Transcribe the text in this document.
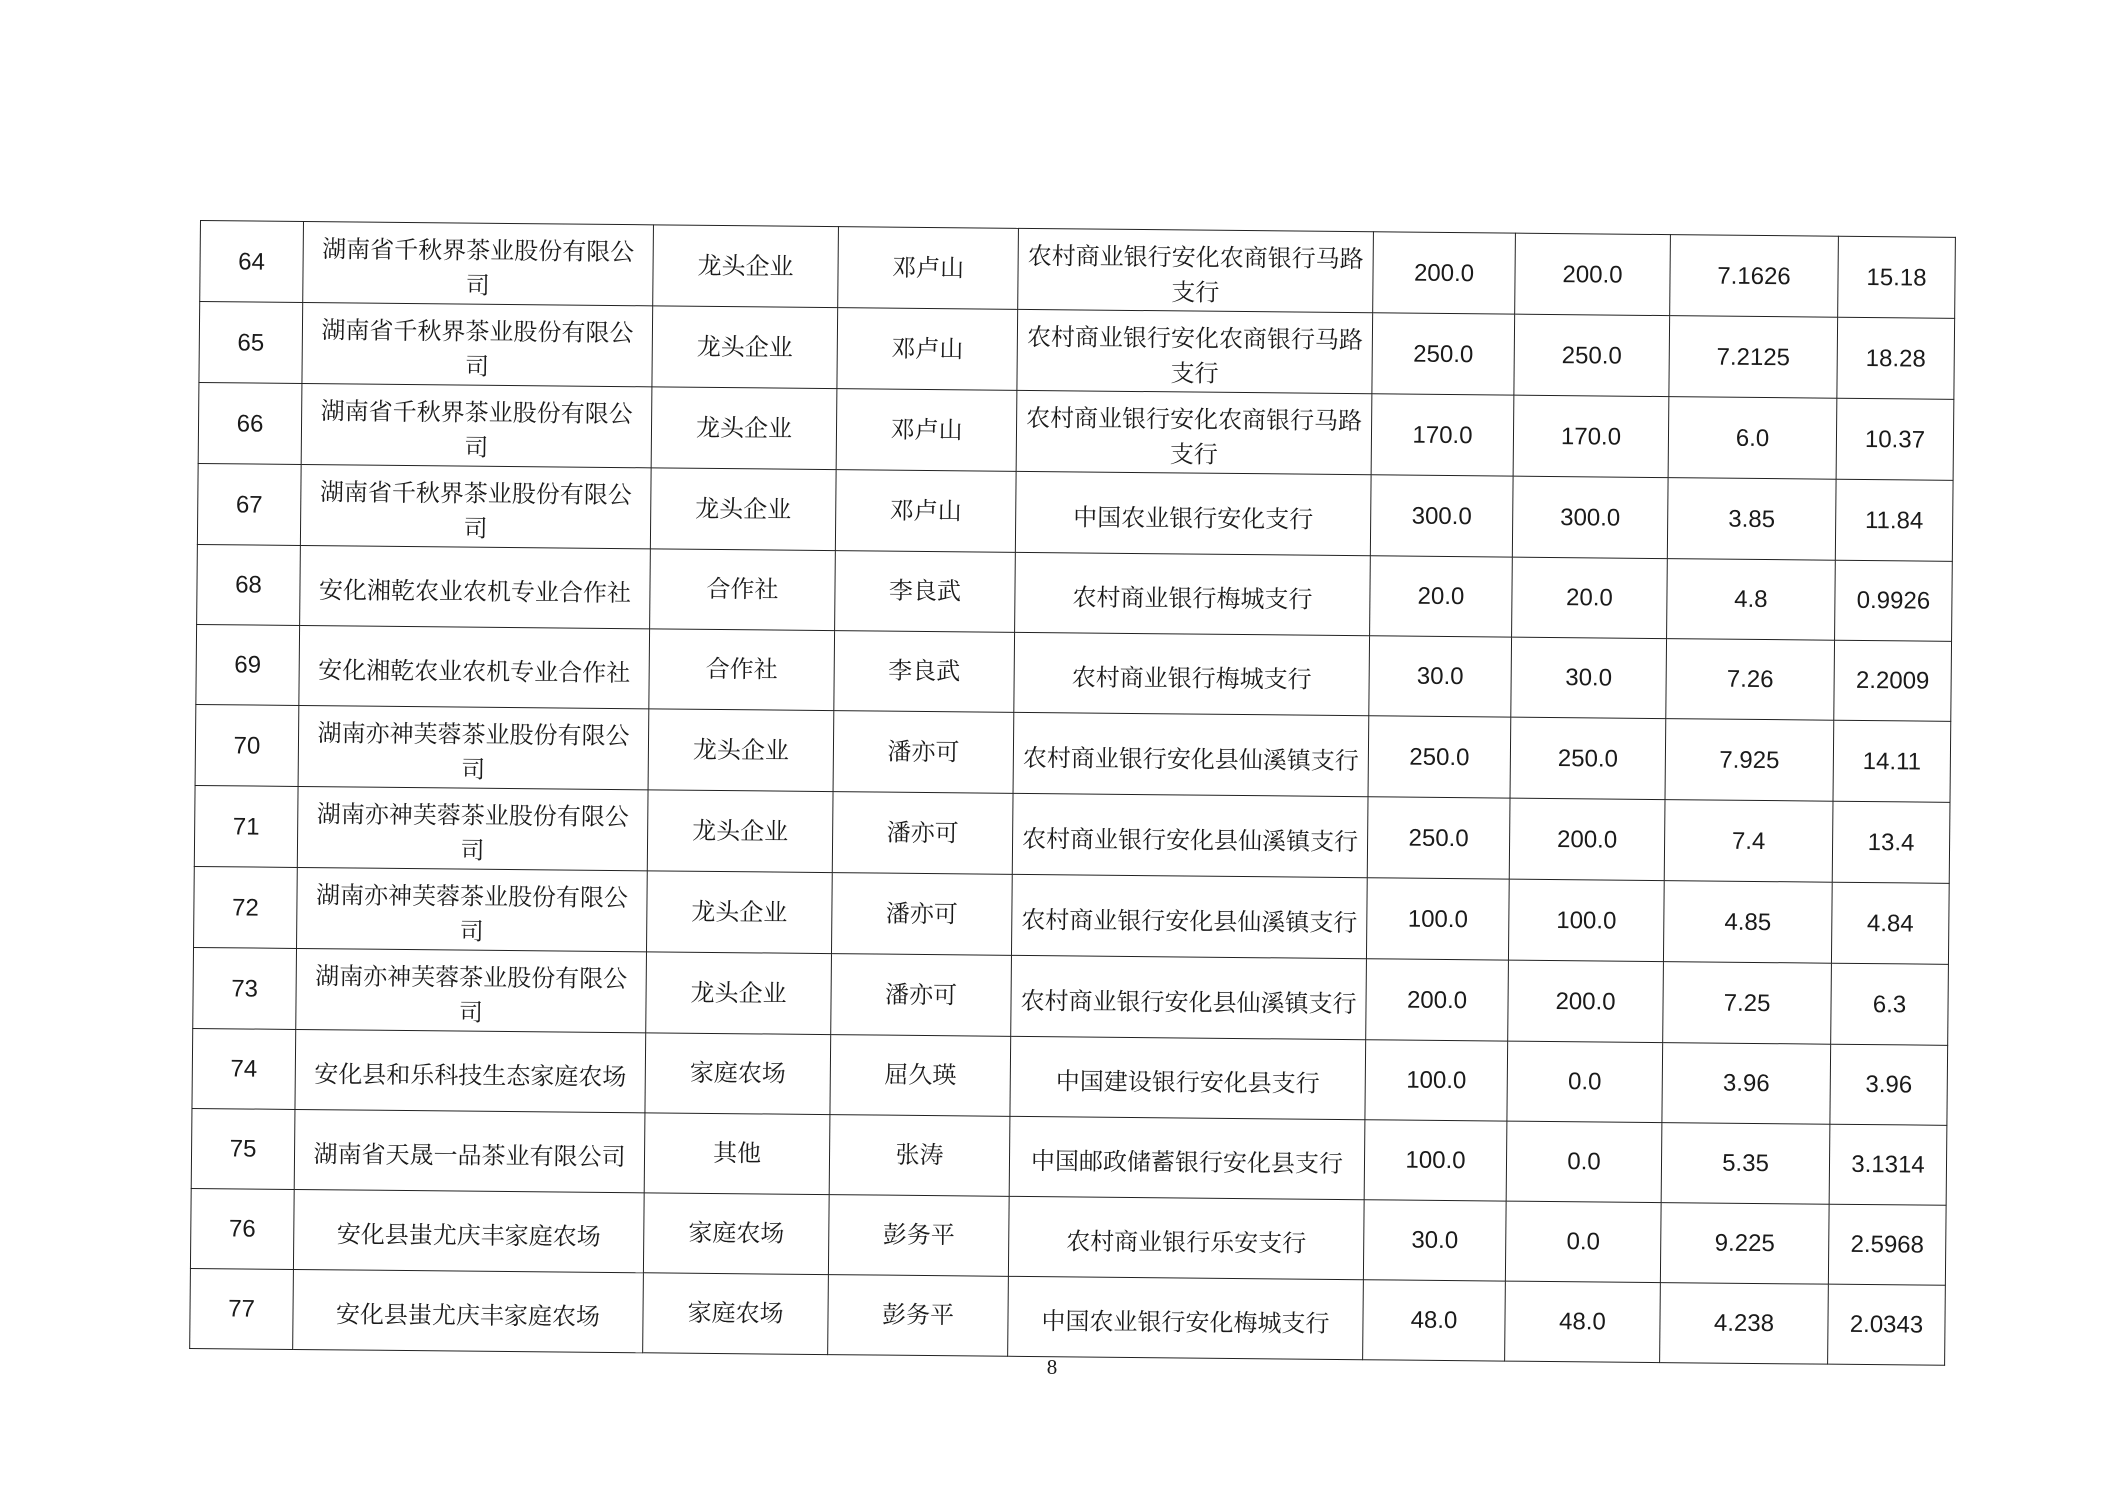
64	湖南省千秋界茶业股份有限公司	龙头企业	邓卢山	农村商业银行安化农商银行马路支行	200.0	200.0	7.1626	15.18
65	湖南省千秋界茶业股份有限公司	龙头企业	邓卢山	农村商业银行安化农商银行马路支行	250.0	250.0	7.2125	18.28
66	湖南省千秋界茶业股份有限公司	龙头企业	邓卢山	农村商业银行安化农商银行马路支行	170.0	170.0	6.0	10.37
67	湖南省千秋界茶业股份有限公司	龙头企业	邓卢山	中国农业银行安化支行	300.0	300.0	3.85	11.84
68	安化湘乾农业农机专业合作社	合作社	李良武	农村商业银行梅城支行	20.0	20.0	4.8	0.9926
69	安化湘乾农业农机专业合作社	合作社	李良武	农村商业银行梅城支行	30.0	30.0	7.26	2.2009
70	湖南亦神芙蓉茶业股份有限公司	龙头企业	潘亦可	农村商业银行安化县仙溪镇支行	250.0	250.0	7.925	14.11
71	湖南亦神芙蓉茶业股份有限公司	龙头企业	潘亦可	农村商业银行安化县仙溪镇支行	250.0	200.0	7.4	13.4
72	湖南亦神芙蓉茶业股份有限公司	龙头企业	潘亦可	农村商业银行安化县仙溪镇支行	100.0	100.0	4.85	4.84
73	湖南亦神芙蓉茶业股份有限公司	龙头企业	潘亦可	农村商业银行安化县仙溪镇支行	200.0	200.0	7.25	6.3
74	安化县和乐科技生态家庭农场	家庭农场	屈久瑛	中国建设银行安化县支行	100.0	0.0	3.96	3.96
75	湖南省天晟一品茶业有限公司	其他	张涛	中国邮政储蓄银行安化县支行	100.0	0.0	5.35	3.1314
76	安化县蚩尤庆丰家庭农场	家庭农场	彭务平	农村商业银行乐安支行	30.0	0.0	9.225	2.5968
77	安化县蚩尤庆丰家庭农场	家庭农场	彭务平	中国农业银行安化梅城支行	48.0	48.0	4.238	2.0343
8
